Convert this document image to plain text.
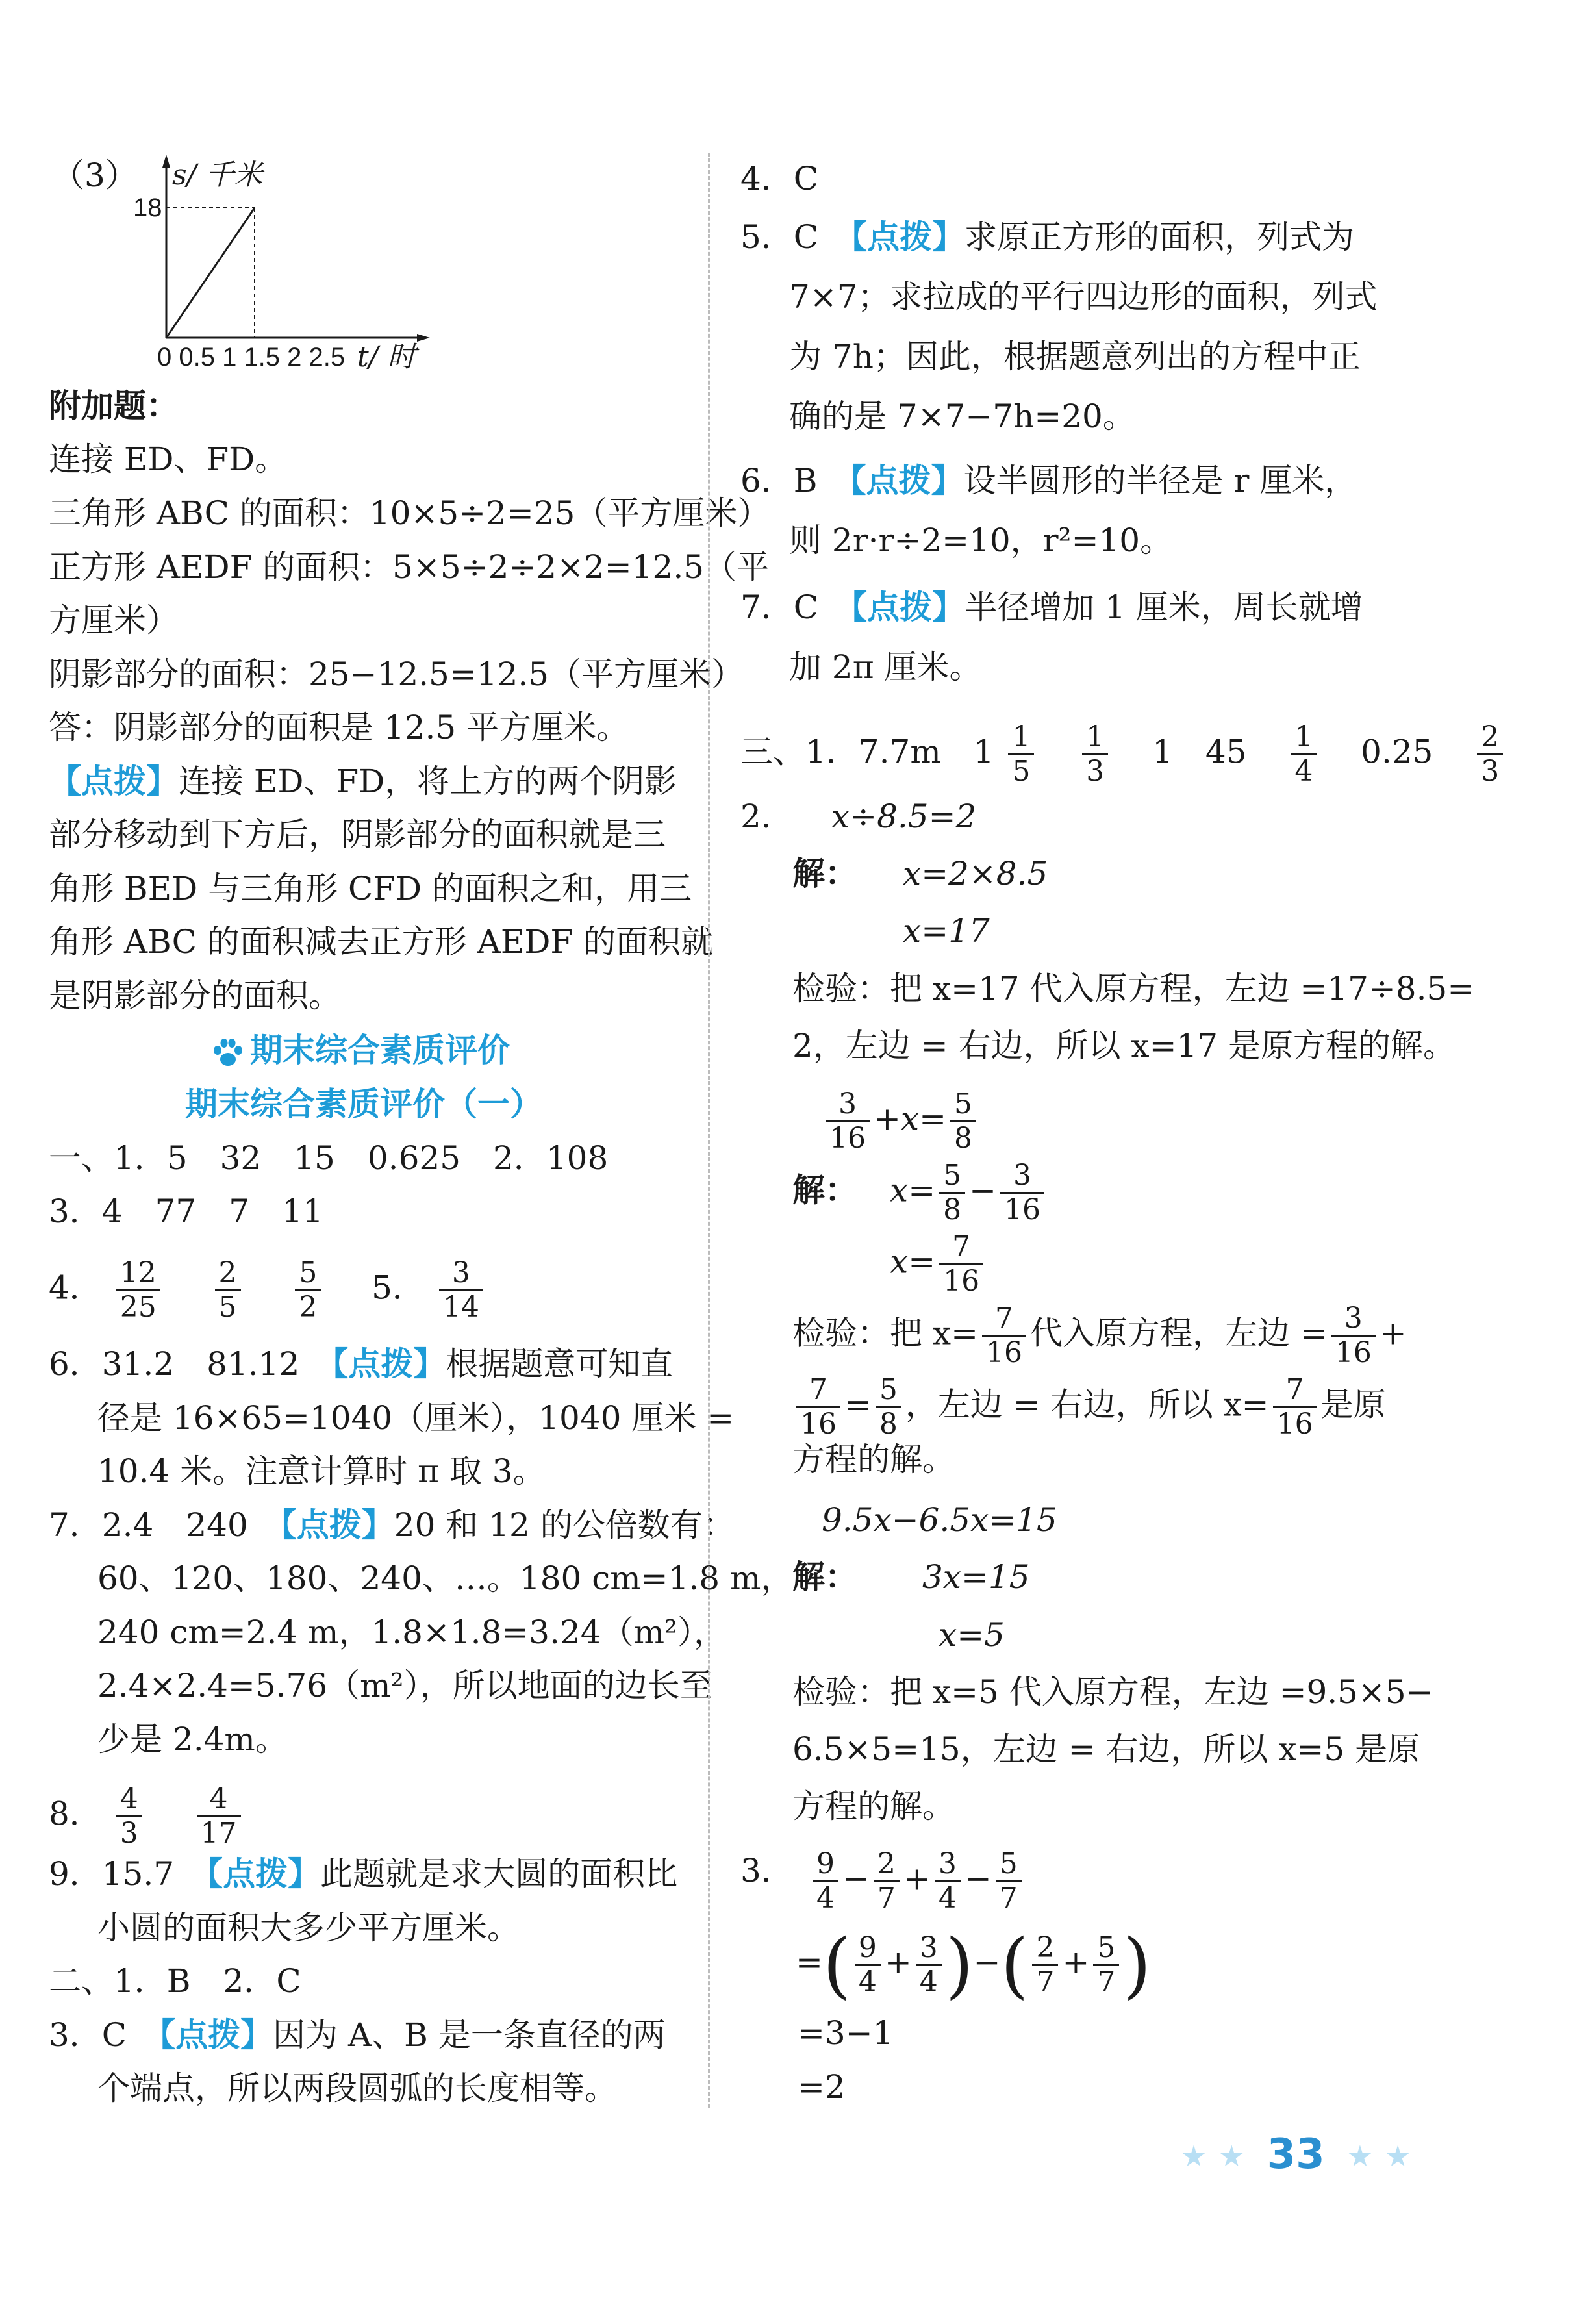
（3） s/ 千米
18
0 0.5 1 1.5 2 2.5 t/ 时
附加题：
连接 ED、FD。
三角形 ABC 的面积：10×5÷2=25（平方厘米）
正方形 AEDF 的面积：5×5÷2÷2×2=12.5（平
方厘米）
阴影部分的面积：25−12.5=12.5（平方厘米）
答：阴影部分的面积是 12.5 平方厘米。
【点拨】连接 ED、FD，将上方的两个阴影
部分移动到下方后，阴影部分的面积就是三
角形 BED 与三角形 CFD 的面积之和，用三
角形 ABC 的面积减去正方形 AEDF 的面积就
是阴影部分的面积。
期末综合素质评价
期末综合素质评价（一）
一、1．5　32　15　0.625　2．108
3．4　77　7　11
4． $\frac{12}{25}$
$\frac{2}{5}$
$\frac{5}{2} 5$． $\frac{3}{14}$
6．31.2　81.12　 【点拨】根据题意可知直
径是 16×65=1040（厘米），1040 厘米 =
10.4 米。注意计算时 π 取 3。
7．2.4　240　 【点拨】20 和 12 的公倍数有：
60、120、180、240、…。180 cm=1.8 m，
240 cm=2.4 m，1.8×1.8=3.24（m²），
2.4×2.4=5.76（m²），所以地面的边长至
少是 2.4m。
8． $\frac{4}{3}$
$\frac{4}{17}$
9．15.7　 【点拨】此题就是求大圆的面积比
小圆的面积大多少平方厘米。
二、1．B　2．C
3．C　 【点拨】因为 A、B 是一条直径的两
个端点，所以两段圆弧的长度相等。
4．C
5．C　 【点拨】求原正方形的面积，列式为
7×7；求拉成的平行四边形的面积，列式
为 7h；因此，根据题意列出的方程中正
确的是 7×7−7h=20。
6．B　 【点拨】设半圆形的半径是 r 厘米，
则 2r·r÷2=10，r²=10。
7．C　 【点拨】半径增加 1 厘米，周长就增
加 2π 厘米。
三、1．7.7m　$1 \frac{1}{5}$
$\frac{1}{3} 1$　$45 \frac{1}{4} 0.25 \frac{2}{3}$
2． x÷8.5=2
解： x=2×8.5
x=17
检验：把 x=17 代入原方程，左边 =17÷8.5=
2，左边 = 右边，所以 x=17 是原方程的解。
$\frac{3}{16} +x= \frac{5}{8}$
解： $x= \frac{5}{8} - \frac{3}{16}$
$x= \frac{7}{16}$
检验：把 $x= \frac{7}{16}$ 代入原方程，左边 = $\frac{3}{16}$ +
$\frac{7}{16} = \frac{5}{8}$ ，左边 = 右边，所以 $x= \frac{7}{16}$ 是原
方程的解。
9.5x−6.5x=15
解： 3x=15
x=5
检验：把 x=5 代入原方程，左边 =9.5×5−
6.5×5=15，左边 = 右边，所以 x=5 是原
方程的解。
3． $\frac{9}{4} - \frac{2}{7} + \frac{3}{4} - \frac{5}{7}$
=( $\frac{9}{4} + \frac{3}{4}$ )−( $\frac{2}{7} + \frac{5}{7}$ )
=3−1
=2
33
